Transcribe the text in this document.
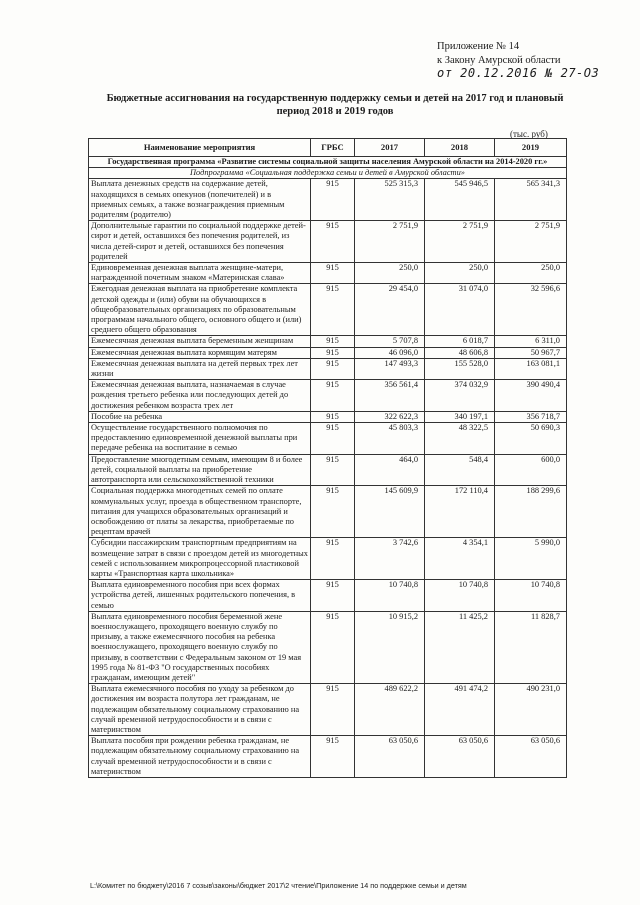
Приложение № 14
к Закону Амурской области
от 20.12.2016 № 27-ОЗ
Бюджетные ассигнования на государственную поддержку семьи и детей на 2017 год и плановый период 2018 и 2019 годов
(тыс. руб)
Наименование мероприятия	ГРБС	2017	2018	2019
Государственная программа «Развитие системы социальной защиты населения Амурской области на 2014-2020 гг.»				
Подпрограмма «Социальная поддержка семьи и детей в Амурской области»				
Выплата денежных средств на содержание детей, находящихся в семьях опекунов (попечителей) и в приемных семьях, а также вознаграждения приемным родителям (родителю)	915	525 315,3	545 946,5	565 341,3
Дополнительные гарантии по социальной поддержке детей-сирот и детей, оставшихся без попечения родителей, из числа детей-сирот и детей, оставшихся без попечения родителей	915	2 751,9	2 751,9	2 751,9
Единовременная денежная выплата женщине-матери, награжденной почетным знаком «Материнская слава»	915	250,0	250,0	250,0
Ежегодная денежная выплата на приобретение комплекта детской одежды и (или) обуви на обучающихся в общеобразовательных организациях по образовательным программам начального общего, основного общего и (или) среднего общего образования	915	29 454,0	31 074,0	32 596,6
Ежемесячная денежная выплата беременным женщинам	915	5 707,8	6 018,7	6 311,0
Ежемесячная денежная выплата кормящим матерям	915	46 096,0	48 606,8	50 967,7
Ежемесячная денежная выплата на детей первых трех лет жизни	915	147 493,3	155 528,0	163 081,1
Ежемесячная денежная выплата, назначаемая в случае рождения третьего ребенка или последующих детей до достижения ребенком возраста трех лет	915	356 561,4	374 032,9	390 490,4
Пособие на ребенка	915	322 622,3	340 197,1	356 718,7
Осуществление государственного полномочия по предоставлению единовременной денежной выплаты при передаче ребенка на воспитание в семью	915	45 803,3	48 322,5	50 690,3
Предоставление многодетным семьям, имеющим 8 и более детей, социальной выплаты на приобретение автотранспорта или сельскохозяйственной техники	915	464,0	548,4	600,0
Социальная поддержка многодетных семей по оплате коммунальных услуг, проезда в общественном транспорте, питания для учащихся образовательных организаций и освобождению от платы за лекарства, приобретаемые по рецептам врачей	915	145 609,9	172 110,4	188 299,6
Субсидии пассажирским транспортным предприятиям на возмещение затрат в связи с проездом детей из многодетных семей с использованием микропроцессорной пластиковой карты «Транспортная карта школьника»	915	3 742,6	4 354,1	5 990,0
Выплата единовременного пособия при всех формах устройства детей, лишенных родительского попечения, в семью	915	10 740,8	10 740,8	10 740,8
Выплата единовременного пособия беременной жене военнослужащего, проходящего военную службу по призыву, а также ежемесячного пособия на ребенка военнослужащего, проходящего военную службу по призыву, в соответствии с Федеральным законом от 19 мая 1995 года № 81-ФЗ "О государственных пособиях гражданам, имеющим детей"	915	10 915,2	11 425,2	11 828,7
Выплата ежемесячного пособия по уходу за ребенком до достижения им возраста полутора лет гражданам, не подлежащим обязательному социальному страхованию на случай временной нетрудоспособности и в связи с материнством	915	489 622,2	491 474,2	490 231,0
Выплата пособия при рождении ребенка гражданам, не подлежащим обязательному социальному страхованию на случай временной нетрудоспособности и в связи с материнством	915	63 050,6	63 050,6	63 050,6
L:\Комитет по бюджету\2016 7 созыв\законы\бюджет 2017\2 чтение\Приложение 14 по поддержке семьи и детям
